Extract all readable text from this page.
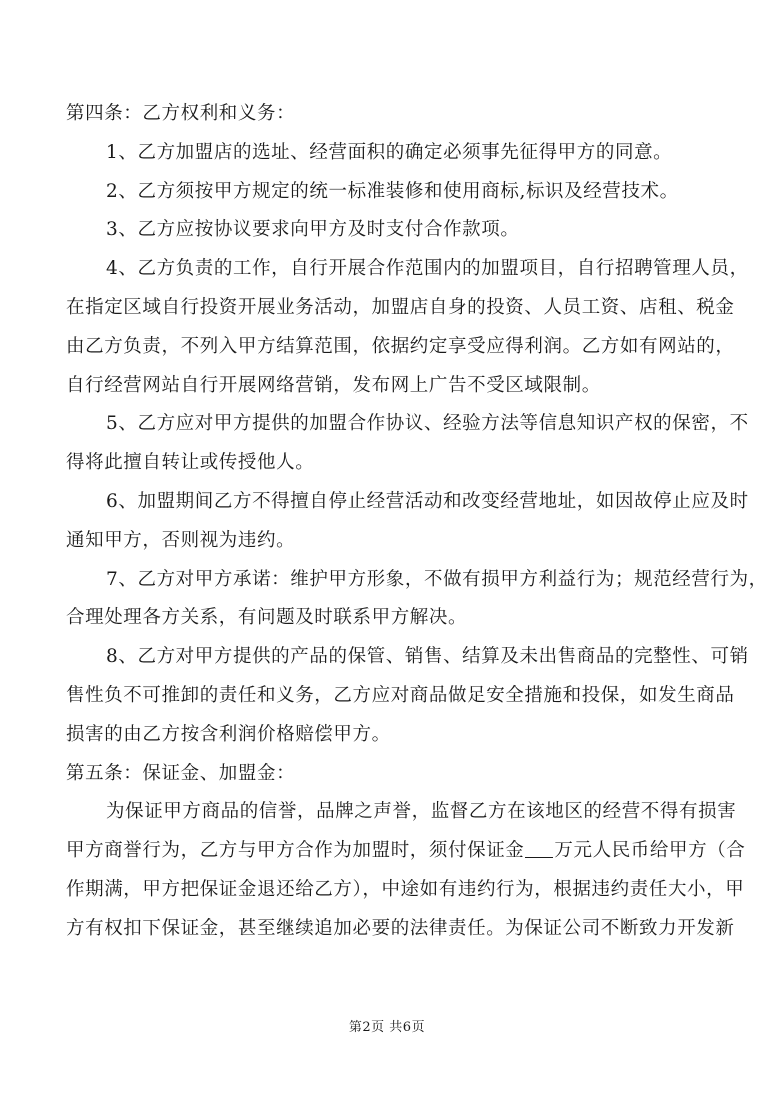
第四条：乙方权利和义务：
1、乙方加盟店的选址、经营面积的确定必须事先征得甲方的同意。
2、乙方须按甲方规定的统一标准装修和使用商标,标识及经营技术。
3、乙方应按协议要求向甲方及时支付合作款项。
4、乙方负责的工作，自行开展合作范围内的加盟项目，自行招聘管理人员，
在指定区域自行投资开展业务活动，加盟店自身的投资、人员工资、店租、税金
由乙方负责，不列入甲方结算范围，依据约定享受应得利润。乙方如有网站的，
自行经营网站自行开展网络营销，发布网上广告不受区域限制。
5、乙方应对甲方提供的加盟合作协议、经验方法等信息知识产权的保密，不
得将此擅自转让或传授他人。
6、加盟期间乙方不得擅自停止经营活动和改变经营地址，如因故停止应及时
通知甲方，否则视为违约。
7、乙方对甲方承诺：维护甲方形象，不做有损甲方利益行为；规范经营行为，
合理处理各方关系，有问题及时联系甲方解决。
8、乙方对甲方提供的产品的保管、销售、结算及未出售商品的完整性、可销
售性负不可推卸的责任和义务，乙方应对商品做足安全措施和投保，如发生商品
损害的由乙方按含利润价格赔偿甲方。
第五条：保证金、加盟金：
为保证甲方商品的信誉，品牌之声誉，监督乙方在该地区的经营不得有损害
甲方商誉行为，乙方与甲方合作为加盟时，须付保证金 万元人民币给甲方（合
作期满，甲方把保证金退还给乙方），中途如有违约行为，根据违约责任大小，甲
方有权扣下保证金，甚至继续追加必要的法律责任。为保证公司不断致力开发新
第2页 共6页
